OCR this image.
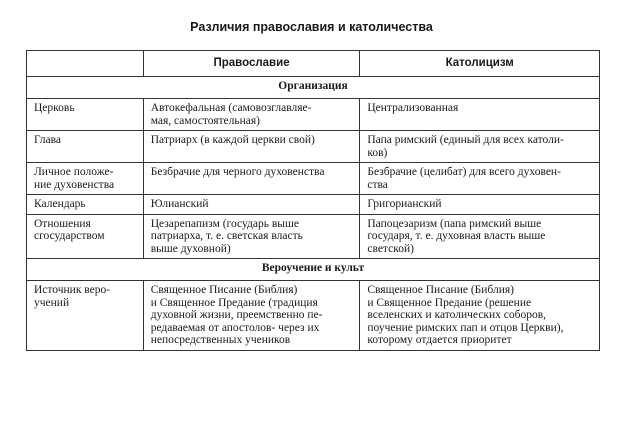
Различия православия и католичества
	Православие	Католицизм
Организация		

Церковь	Автокефальная (самовозглавляе-
мая, самостоятельная)	Централизованная

Глава	Патриарх (в каждой церкви свой)	Папа римский (единый для всех католи-
ков)

Личное положе-
ние духовенства	Безбрачие для черного духовенства	Безбрачие (целибат) для всего духовен-
ства

Календарь	Юлианский	Григорианский

Отношения
сгосударством	Цезарепапизм (государь выше
патриарха, т. е. светская власть
выше духовной)	Папоцезаризм (папа римский выше
государя, т. е. духовная власть выше
светской)

Вероучение и культ		

Источник веро-
учений	Священное Писание (Библия)
и Священное Предание (традиция
духовной жизни, преемственно пе-
редаваемая от апостолов- через их
непосредственных учеников	Священное Писание (Библия)
и Священное Предание (решение
вселенских и католических соборов,
поучение римских пап и отцов Церкви),
которому отдается приоритет
